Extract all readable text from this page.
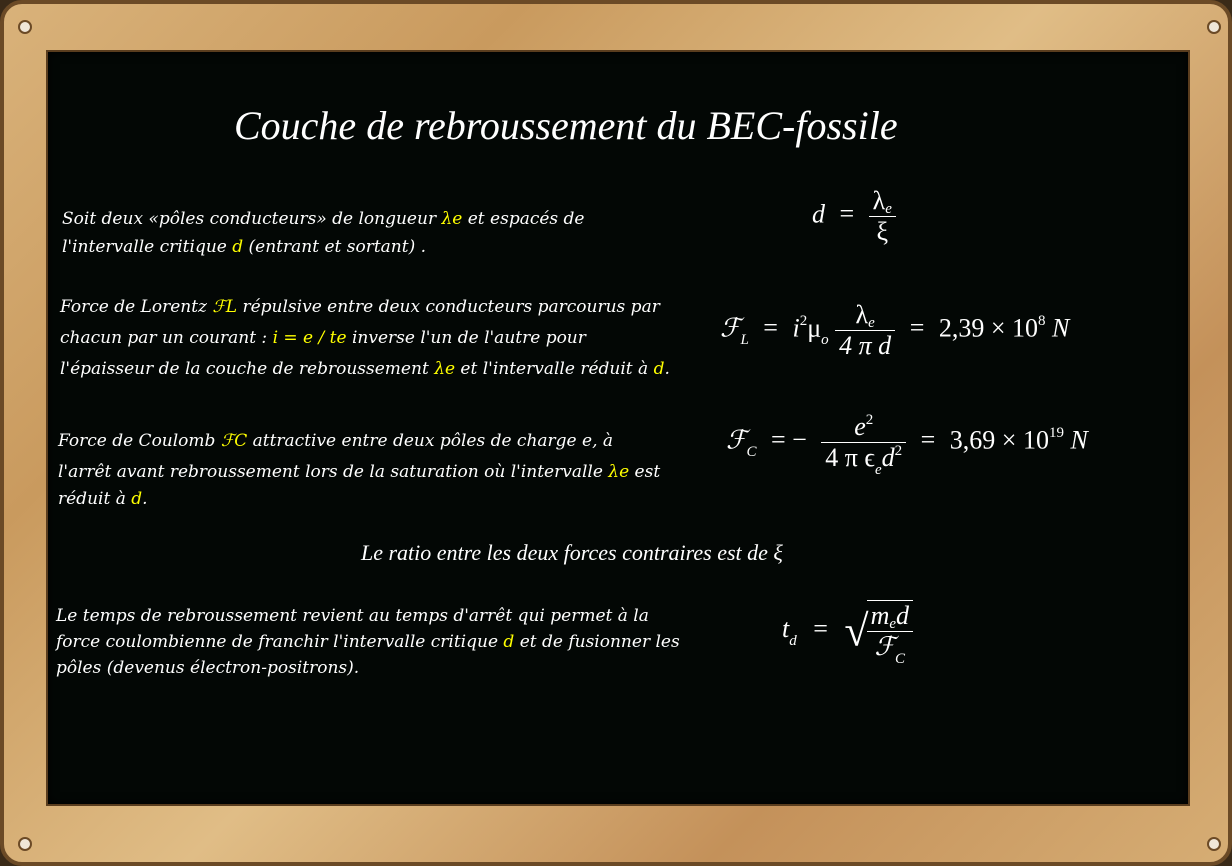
Couche de rebroussement du BEC-fossile
Soit deux «pôles conducteurs» de longueur λe et espacés de
l'intervalle critique d (entrant et sortant) .
Force de Lorentz ℱL répulsive entre deux conducteurs parcourus par
chacun par un courant : i = e / te inverse l'un de l'autre pour
l'épaisseur de la couche de rebroussement λe et l'intervalle réduit à d.
Force de Coulomb ℱC attractive entre deux pôles de charge e, à
l'arrêt avant rebroussement lors de la saturation où l'intervalle λe est
réduit à d.
Le ratio entre les deux forces contraires est de ξ
Le temps de rebroussement revient au temps d'arrêt qui permet à la
force coulombienne de franchir l'intervalle critique d et de fusionner les
pôles (devenus électron-positrons).
$d = \frac{\lambda e}{\xi}$
ℱ$_L$ = $i^2\mu_o \frac{\lambda e}{\text{4 π d}} = 2,39 \times 10^8$ N
ℱ$_C$ = − $\frac{e^2}{4 \pi \epsilon_ed^2} = 3,69 \times 10^{19}$ N
$t_d$ = √
$\frac{\text{med}}{ℱ_C}$
